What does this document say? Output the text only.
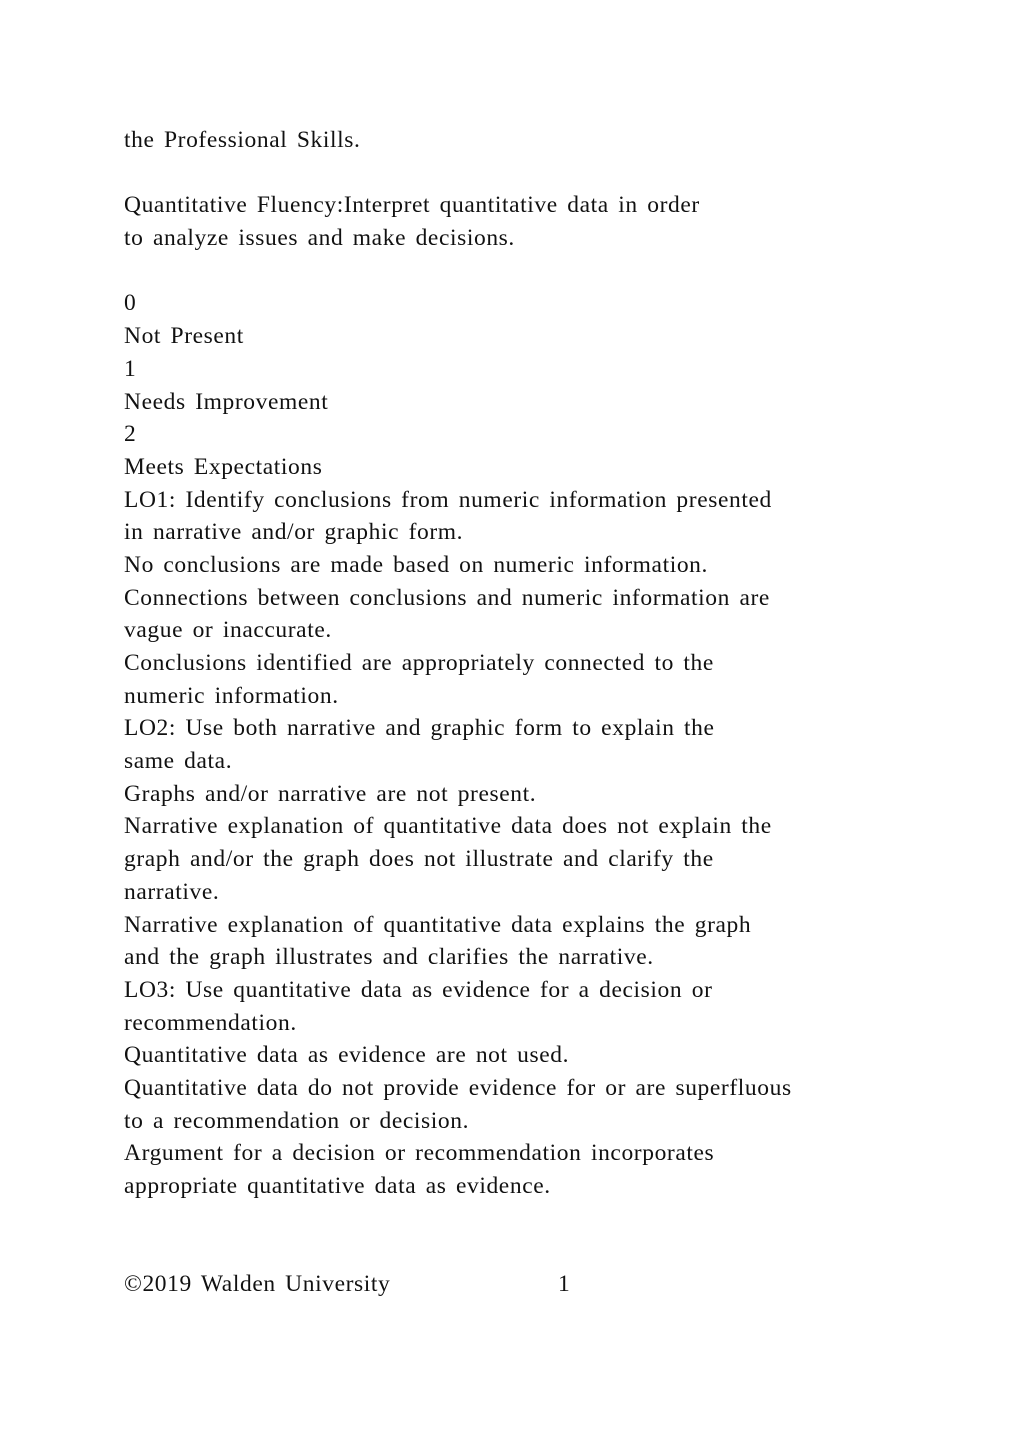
the Professional Skills.
Quantitative Fluency:Interpret quantitative data in order
to analyze issues and make decisions.
0
Not Present
1
Needs Improvement
2
Meets Expectations
LO1: Identify conclusions from numeric information presented
in narrative and/or graphic form.
No conclusions are made based on numeric information.
Connections between conclusions and numeric information are
vague or inaccurate.
Conclusions identified are appropriately connected to the
numeric information.
LO2: Use both narrative and graphic form to explain the
same data.
Graphs and/or narrative are not present.
Narrative explanation of quantitative data does not explain the
graph and/or the graph does not illustrate and clarify the
narrative.
Narrative explanation of quantitative data explains the graph
and the graph illustrates and clarifies the narrative.
LO3: Use quantitative data as evidence for a decision or
recommendation.
Quantitative data as evidence are not used.
Quantitative data do not provide evidence for or are superfluous
to a recommendation or decision.
Argument for a decision or recommendation incorporates
appropriate quantitative data as evidence.
©2019 Walden University	1
